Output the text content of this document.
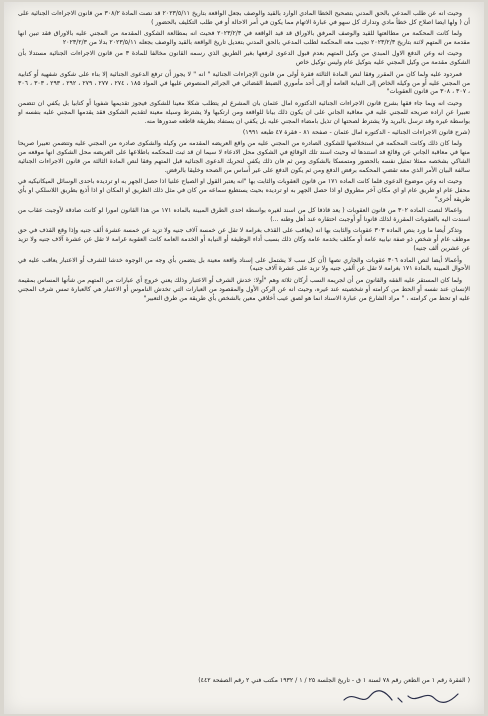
وحيث انه عن طلب المدعي بالحق المدني بتصحيح الخطأ المادي الوارد بالقيد والوصف بجعل الواقعة بتاريخ ٢٠٢٣/٥/١١ قد نصت المادة ٣٠٨/٢ من قانون الاجراءات الجنائية على أن ( ولها ايضا اصلاح كل خطأ مادي وتدارك كل سهو في عبارة الاتهام مما يكون في أمر الاحالة أو في طلب التكليف بالحضور )

ولما كانت المحكمة من مطالعتها للقيد والوصف المرفق بالاوراق قد قيد الواقعة في ٢٠٢٣/٢/٣ فحيث انه بمطالعة الشكوى المقدمة من المجني عليه بالاوراق فقد تبين انها مقدمة من المتهم لاثنة بتاريخ ٢٠٢٣/٢/٣ تجيب معه المحكمة لطلب المدعي بالحق المدني بتعديل تاريخ الواقعة بالقيد والوصف بجعله ٢٠٢٣/٥/١١ بدلا من ٢٠٢٣/٢/٣

وحيث انه وعن الدفع الاول المبدي من وكيل المتهم بعدم قبول الدعوى لرفعها بغير الطريق الذي رسمه القانون مخالفا للمادة ٣ من قانون الاجراءات الجنائية مستدلا بأن الشكوى مقدمة من وكيل المجني عليه بتوكيل عام وليس توكيل خاص

فمردود عليه ولما كان من المقرر وفقا لنص المادة الثالثة فقرة أولى من قانون الإجراءات الجنائية " انه " لا يجوز أن ترفع الدعوى الجنائية إلا بناء على شكوى شفهية أو كتابية من المجني عليه أو من وكيله الخاص إلى النيابة العامة أو إلى أحد مأموري الضبط القضائي في الجرائم المنصوص عليها في المواد ١٨٥ ، ٢٧٤ ، ٢٧٧ ، ٢٧٩ ، ٢٩٢ ، ٢٩٣ ، ٣٠٣ ، ٣٠٦ ، ٣٠٧ ، ٣٠٨ من قانون العقوبات"

وحيث انه ويما جاء فقها بشرح قانون الاجراءات الجنائية الدكتوره امال عثمان بان المشرع لم يتطلب شكلا معينا للشكوى فيجوز تقديمها شفويا أو كتابيا بل يكفي ان تتضمن تعبيرا عن اراده صريحه للمجني عليه في معاقبة الجاني على ان يكون ذلك بيانا للواقعة ومن ارتكبها ولا يشترط وسيلة معينة لتقديم الشكوى فقد يقدمها المجني عليه بنفسه او بواسطة غيره وقد ترسل بالبريد ولا يشترط لصحتها ان تذيل بامضاء المجني عليه بل يكفي ان يستفاد بطريقة قاطعه صدورها منه.

(شرح قانون الاجراءات الجنائيه - الدكتوره امال عثمان - صفحة ٨١ - فقرة ٤٧ طبعه ١٩٩١)

ولما كان ذلك وكانت المحكمه في استخلاصها للشكوى الصادره من المجني عليه من واقع العريضه المقدمه من وكيله والشكوى صادره من المجني عليه وتتضمن تعبيرا صريحا منها في معاقبة الجاني عن وقائع قد استندها له وحيث اسند تلك الوقائع في الشكوى محل الادعاء لا سيما ان قد ثبت للمحكمه باطلاعها على العريضه محل الشكوى انها موقعه من الشاكي بشخصه ممثلا تمثيل نفسه بالحضور ومتمسكا بالشكوى ومن ثم فان ذلك يكفي لتحريك الدعوى الجنائية قبل المتهم وفقا لنص المادة الثالثة من قانون الاجراءات الجنائية سالفة البيان الأمر الذي معه تقضي المحكمه برفض الدفع ومن ثم يكون الدفع على غير أساس من الصحة وخليقا بالرفض.

وحيث انه وعن موضوع الدعوى فلما كانت الماده ١٧١ من قانون العقوبات والثابت بها "انه يعتبر القول او الصياح علنيا اذا حصل الجهر به او ترديده باحدى الوسائل الميكانيكيه في محفل عام او طريق عام او اي مكان آخر مطروق او اذا حصل الجهر به او ترديده بحيث يستطيع سماعه من كان في مثل ذلك الطريق او المكان او اذا أذيع بطريق اللاسلكي او بأي طريقة أخرى"

واعمالا لنصت الماده ٣٠٢ من قانون العقوبات ( يعد قاذفا كل من اسند لغيره بواسطة احدى الطرق المبينة بالماده ١٧١ من هذا القانون امورا لو كانت صادقة لأوجبت عقاب من اسندت اليه بالعقوبات المقررة لذلك قانونا أو أوجبت احتقاره عند أهل وطنه ...)

وتذكر أيضا ما ورد بنص الماده ٣٠٣ عقوبات والثابت بها انه (يعاقب على القذف بغرامة لا تقل عن خمسة آلاف جنيه ولا تزيد عن خمسة عشرة ألف جنيه وإذا وقع القذف في حق موظف عام أو شخص ذو صفة نيابية عامة أو مكلف بخدمة عامة وكان ذلك بسبب أداء الوظيفة أو النيابة أو الخدمة العامة كانت العقوبة غرامة لا تقل عن عشرة آلاف جنيه ولا تزيد عن عشرين ألف جنيه)

وأعمالا أيضا لنص الماده ٣٠٦ عقوبات والجاري نصها (أن كل سب لا يشتمل على إسناد واقعة معينة بل يتضمن بأي وجه من الوجوه خدشا للشرف أو الاعتبار يعاقب عليه في الأحوال المبينة بالمادة ١٧١ بغرامة لا تقل عن ألفي جنيه ولا تزيد على عشرة آلاف جنيه)

ولما كان المستقر عليه الفقه والقانون من أن لجريمة السب أركان ثلاثة وهم "أولا: خدش الشرف أو الاعتبار وذلك يعني خروج أي عبارات من المتهم من شأنها المساس بمقيمة الإنسان عند نفسه أو الحط من كرامته أو شخصيته عند غيره، وحيث انه عن الركن الأول والمقصود من العبارات التي تخدش الناموس أو الاعتبار هي كالعبارة تمس شرف المجني عليه او تحط من كرامته ، " مراد الشارع من عبارة الاسناد انما هو لصق عيب أخلاقي معين بالشخص بأي طريقة من طرق التعبير"

( الفقرة رقم ١ من الطعن رقم ٧٨ لسنة ١ ق - تاريخ الجلسة ٢٥ / ١ / ١٩٣٢ مكتب فني ٢ رقم الصفحة ٤٤٢)
